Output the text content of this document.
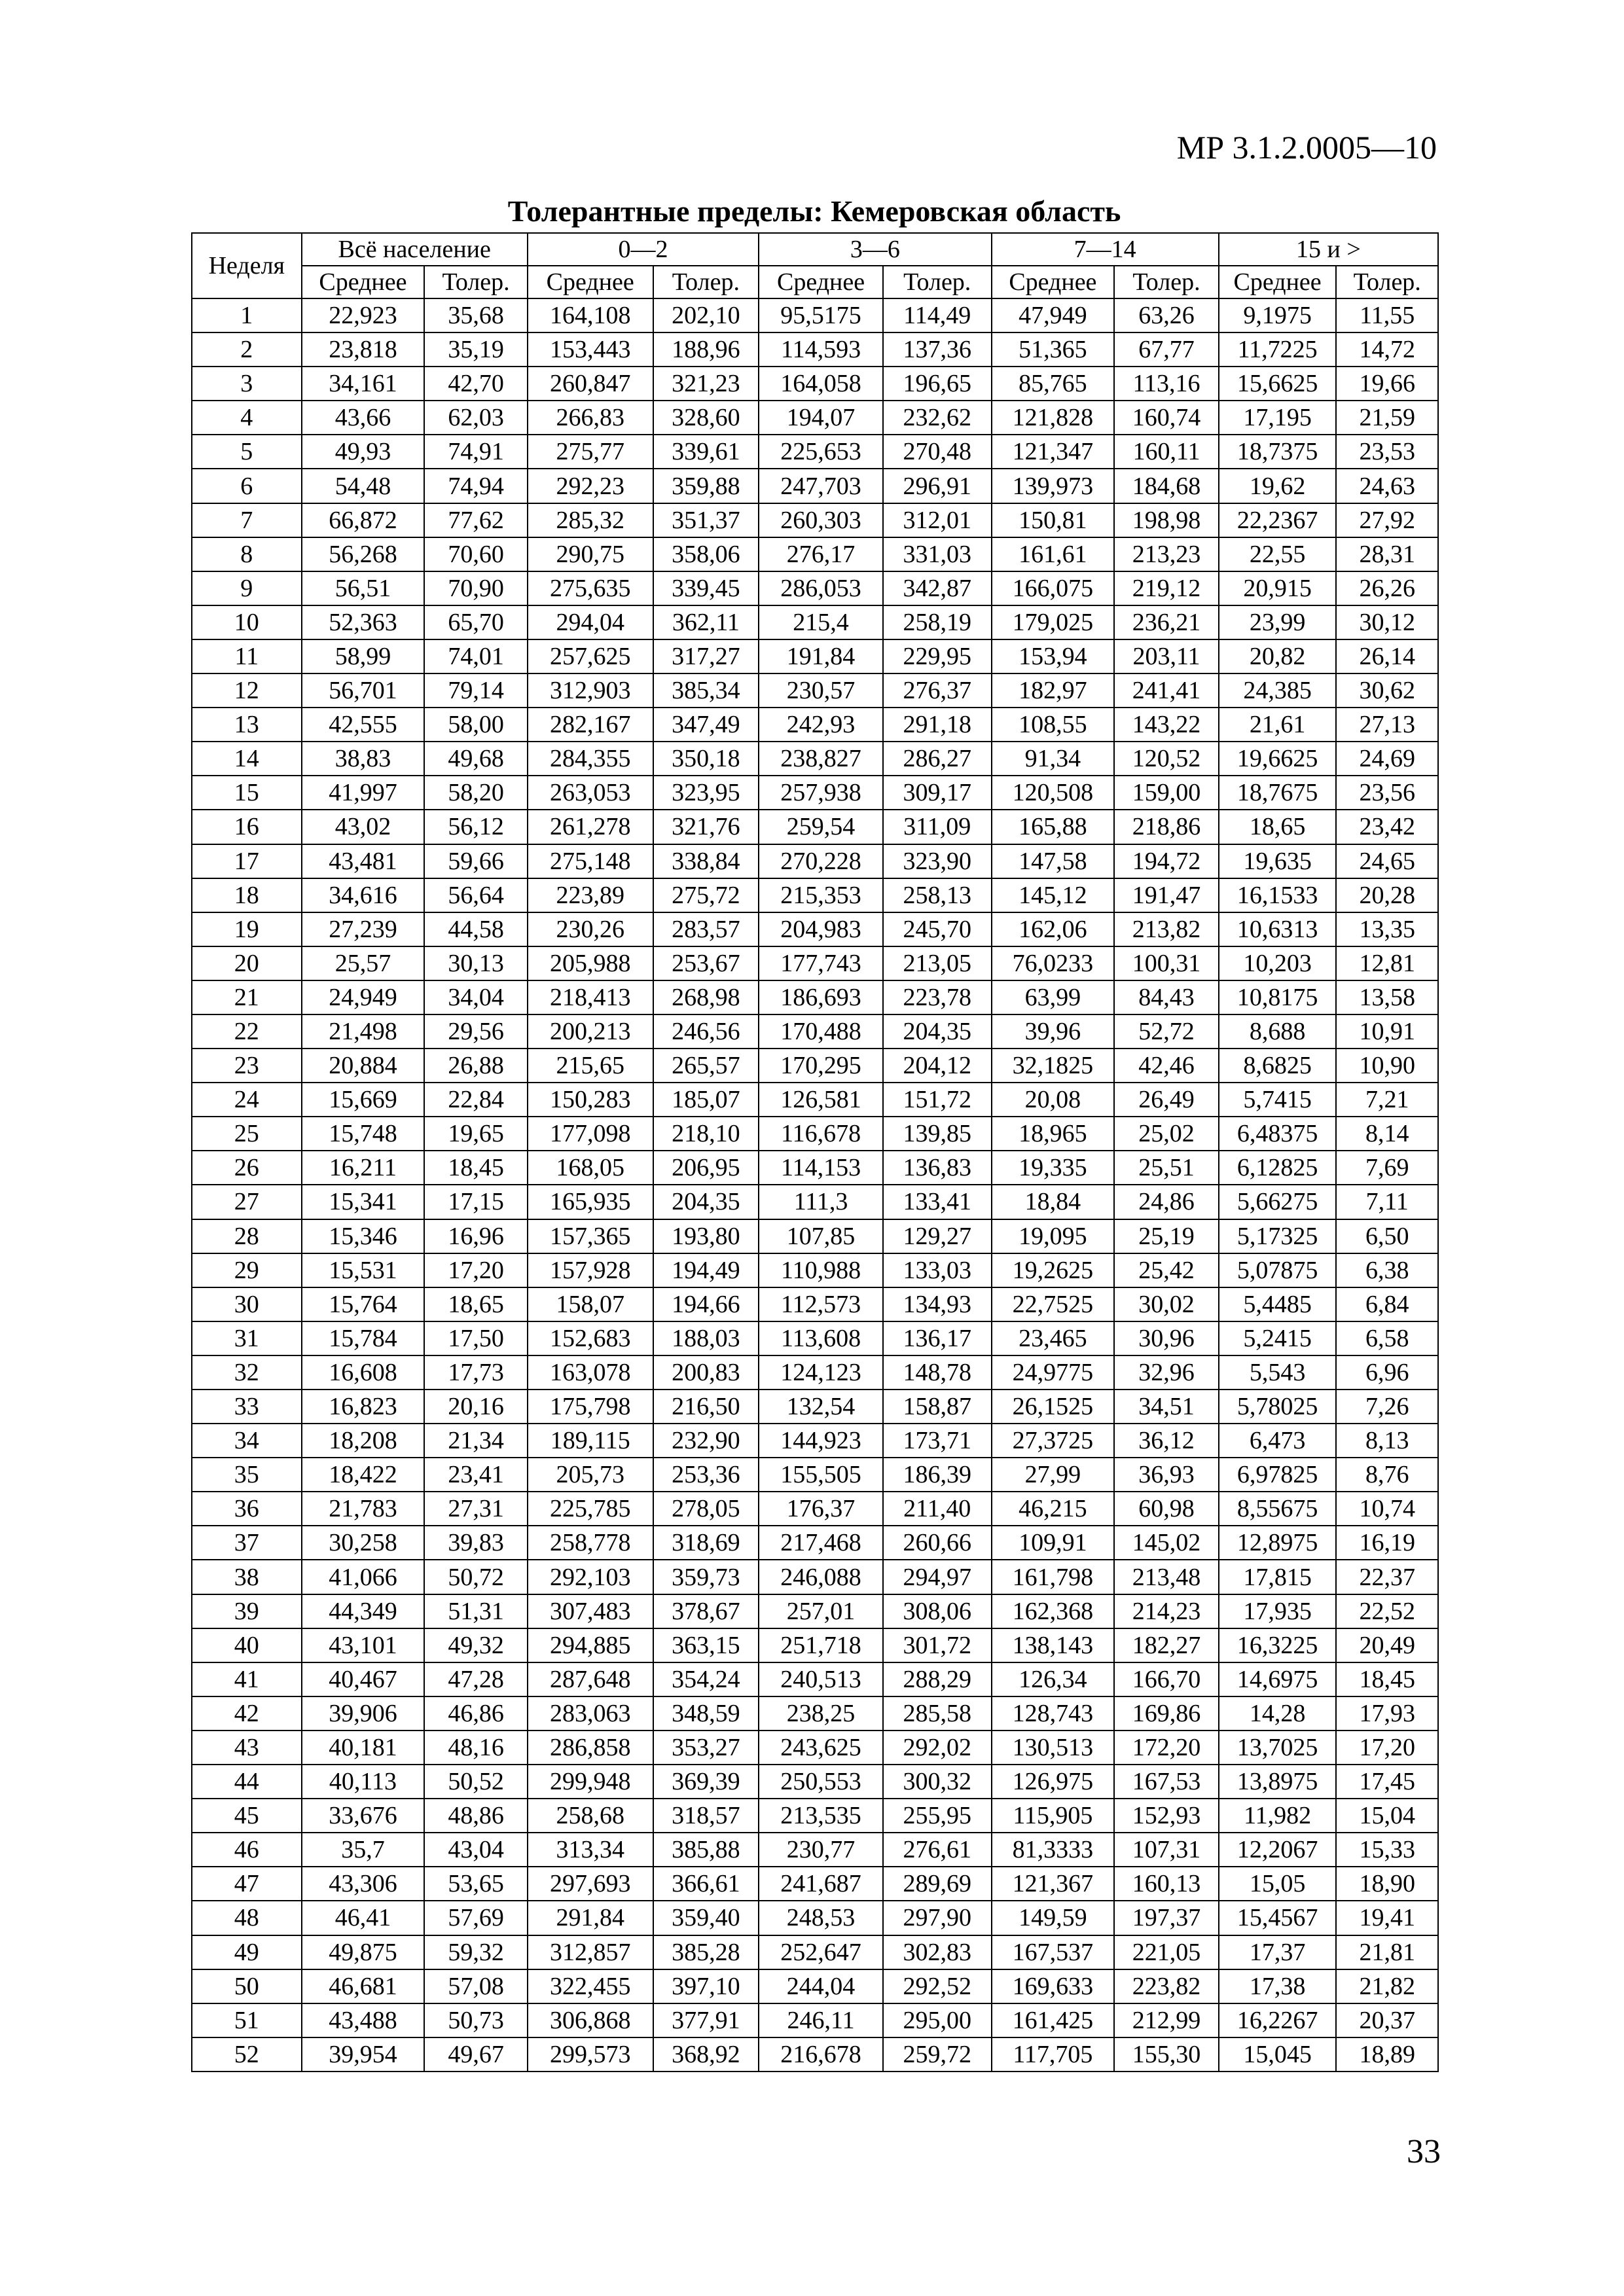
МР 3.1.2.0005—10
Толерантные пределы: Кемеровская область
Неделя	Всё население		0—2		3—6		7—14		15 и >	
	Среднее	Толер.	Среднее	Толер.	Среднее	Толер.	Среднее	Толер.	Среднее	Толер.
1	22,923	35,68	164,108	202,10	95,5175	114,49	47,949	63,26	9,1975	11,55
2	23,818	35,19	153,443	188,96	114,593	137,36	51,365	67,77	11,7225	14,72
3	34,161	42,70	260,847	321,23	164,058	196,65	85,765	113,16	15,6625	19,66
4	43,66	62,03	266,83	328,60	194,07	232,62	121,828	160,74	17,195	21,59
5	49,93	74,91	275,77	339,61	225,653	270,48	121,347	160,11	18,7375	23,53
6	54,48	74,94	292,23	359,88	247,703	296,91	139,973	184,68	19,62	24,63
7	66,872	77,62	285,32	351,37	260,303	312,01	150,81	198,98	22,2367	27,92
8	56,268	70,60	290,75	358,06	276,17	331,03	161,61	213,23	22,55	28,31
9	56,51	70,90	275,635	339,45	286,053	342,87	166,075	219,12	20,915	26,26
10	52,363	65,70	294,04	362,11	215,4	258,19	179,025	236,21	23,99	30,12
11	58,99	74,01	257,625	317,27	191,84	229,95	153,94	203,11	20,82	26,14
12	56,701	79,14	312,903	385,34	230,57	276,37	182,97	241,41	24,385	30,62
13	42,555	58,00	282,167	347,49	242,93	291,18	108,55	143,22	21,61	27,13
14	38,83	49,68	284,355	350,18	238,827	286,27	91,34	120,52	19,6625	24,69
15	41,997	58,20	263,053	323,95	257,938	309,17	120,508	159,00	18,7675	23,56
16	43,02	56,12	261,278	321,76	259,54	311,09	165,88	218,86	18,65	23,42
17	43,481	59,66	275,148	338,84	270,228	323,90	147,58	194,72	19,635	24,65
18	34,616	56,64	223,89	275,72	215,353	258,13	145,12	191,47	16,1533	20,28
19	27,239	44,58	230,26	283,57	204,983	245,70	162,06	213,82	10,6313	13,35
20	25,57	30,13	205,988	253,67	177,743	213,05	76,0233	100,31	10,203	12,81
21	24,949	34,04	218,413	268,98	186,693	223,78	63,99	84,43	10,8175	13,58
22	21,498	29,56	200,213	246,56	170,488	204,35	39,96	52,72	8,688	10,91
23	20,884	26,88	215,65	265,57	170,295	204,12	32,1825	42,46	8,6825	10,90
24	15,669	22,84	150,283	185,07	126,581	151,72	20,08	26,49	5,7415	7,21
25	15,748	19,65	177,098	218,10	116,678	139,85	18,965	25,02	6,48375	8,14
26	16,211	18,45	168,05	206,95	114,153	136,83	19,335	25,51	6,12825	7,69
27	15,341	17,15	165,935	204,35	111,3	133,41	18,84	24,86	5,66275	7,11
28	15,346	16,96	157,365	193,80	107,85	129,27	19,095	25,19	5,17325	6,50
29	15,531	17,20	157,928	194,49	110,988	133,03	19,2625	25,42	5,07875	6,38
30	15,764	18,65	158,07	194,66	112,573	134,93	22,7525	30,02	5,4485	6,84
31	15,784	17,50	152,683	188,03	113,608	136,17	23,465	30,96	5,2415	6,58
32	16,608	17,73	163,078	200,83	124,123	148,78	24,9775	32,96	5,543	6,96
33	16,823	20,16	175,798	216,50	132,54	158,87	26,1525	34,51	5,78025	7,26
34	18,208	21,34	189,115	232,90	144,923	173,71	27,3725	36,12	6,473	8,13
35	18,422	23,41	205,73	253,36	155,505	186,39	27,99	36,93	6,97825	8,76
36	21,783	27,31	225,785	278,05	176,37	211,40	46,215	60,98	8,55675	10,74
37	30,258	39,83	258,778	318,69	217,468	260,66	109,91	145,02	12,8975	16,19
38	41,066	50,72	292,103	359,73	246,088	294,97	161,798	213,48	17,815	22,37
39	44,349	51,31	307,483	378,67	257,01	308,06	162,368	214,23	17,935	22,52
40	43,101	49,32	294,885	363,15	251,718	301,72	138,143	182,27	16,3225	20,49
41	40,467	47,28	287,648	354,24	240,513	288,29	126,34	166,70	14,6975	18,45
42	39,906	46,86	283,063	348,59	238,25	285,58	128,743	169,86	14,28	17,93
43	40,181	48,16	286,858	353,27	243,625	292,02	130,513	172,20	13,7025	17,20
44	40,113	50,52	299,948	369,39	250,553	300,32	126,975	167,53	13,8975	17,45
45	33,676	48,86	258,68	318,57	213,535	255,95	115,905	152,93	11,982	15,04
46	35,7	43,04	313,34	385,88	230,77	276,61	81,3333	107,31	12,2067	15,33
47	43,306	53,65	297,693	366,61	241,687	289,69	121,367	160,13	15,05	18,90
48	46,41	57,69	291,84	359,40	248,53	297,90	149,59	197,37	15,4567	19,41
49	49,875	59,32	312,857	385,28	252,647	302,83	167,537	221,05	17,37	21,81
50	46,681	57,08	322,455	397,10	244,04	292,52	169,633	223,82	17,38	21,82
51	43,488	50,73	306,868	377,91	246,11	295,00	161,425	212,99	16,2267	20,37
52	39,954	49,67	299,573	368,92	216,678	259,72	117,705	155,30	15,045	18,89
33
